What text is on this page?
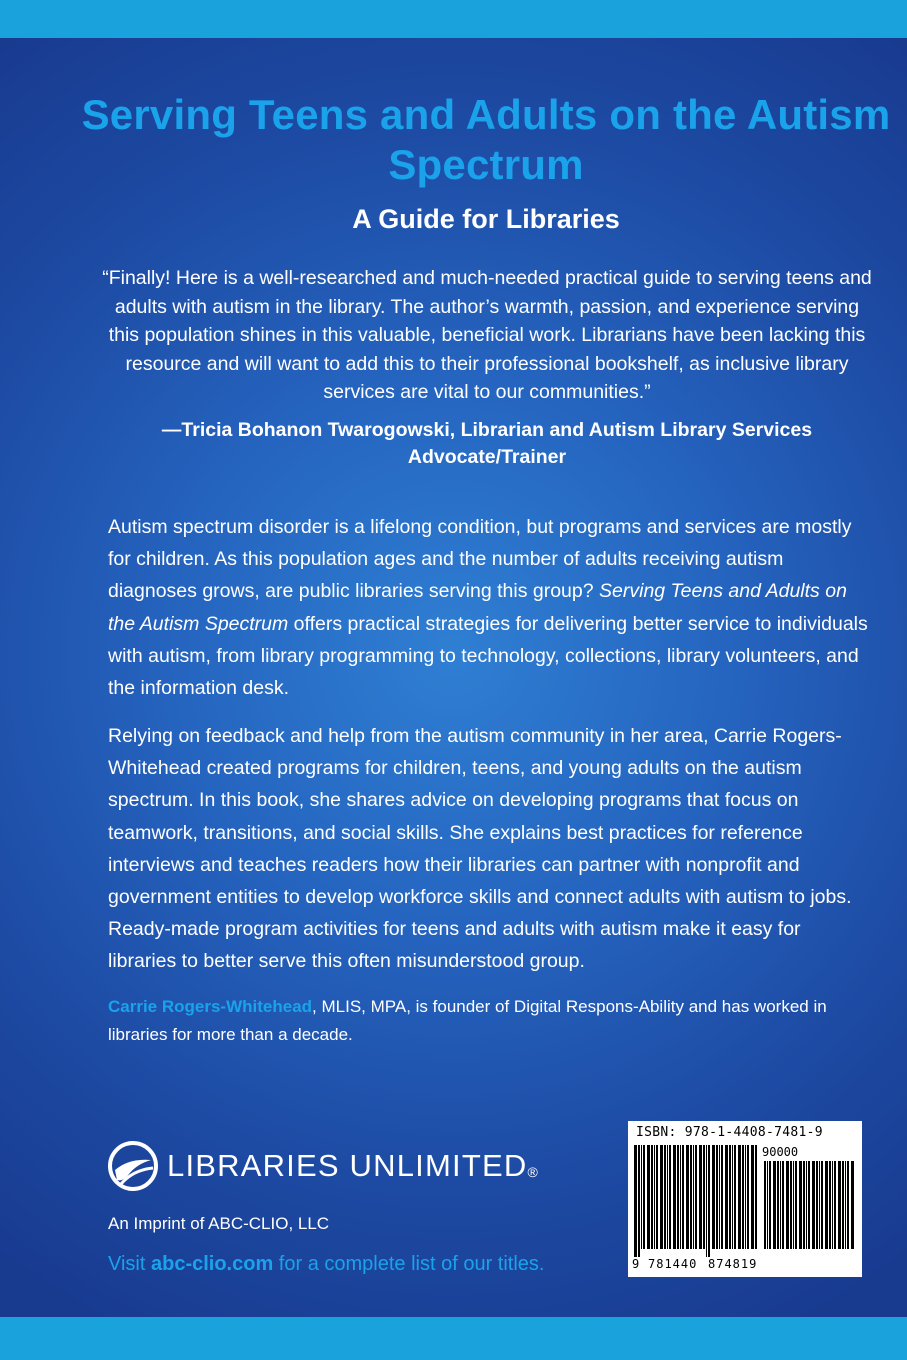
Serving Teens and Adults on the Autism Spectrum
A Guide for Libraries

“Finally! Here is a well-researched and much-needed practical guide to serving teens and adults with autism in the library. The author’s warmth, passion, and experience serving this population shines in this valuable, beneficial work. Librarians have been lacking this resource and will want to add this to their professional bookshelf, as inclusive library services are vital to our communities.”

—Tricia Bohanon Twarogowski, Librarian and Autism Library Services Advocate/Trainer

Autism spectrum disorder is a lifelong condition, but programs and services are mostly for children. As this population ages and the number of adults receiving autism diagnoses grows, are public libraries serving this group? Serving Teens and Adults on the Autism Spectrum offers practical strategies for delivering better service to individuals with autism, from library programming to technology, collections, library volunteers, and the information desk.

Relying on feedback and help from the autism community in her area, Carrie Rogers-Whitehead created programs for children, teens, and young adults on the autism spectrum. In this book, she shares advice on developing programs that focus on teamwork, transitions, and social skills. She explains best practices for reference interviews and teaches readers how their libraries can partner with nonprofit and government entities to develop workforce skills and connect adults with autism to jobs. Ready-made program activities for teens and adults with autism make it easy for libraries to better serve this often misunderstood group.

Carrie Rogers-Whitehead, MLIS, MPA, is founder of Digital Respons-Ability and has worked in libraries for more than a decade.

LIBRARIES UNLIMITED®

An Imprint of ABC-CLIO, LLC

Visit abc-clio.com for a complete list of our titles.

ISBN: 978-1-4408-7481-9
90000
9 781440 874819
